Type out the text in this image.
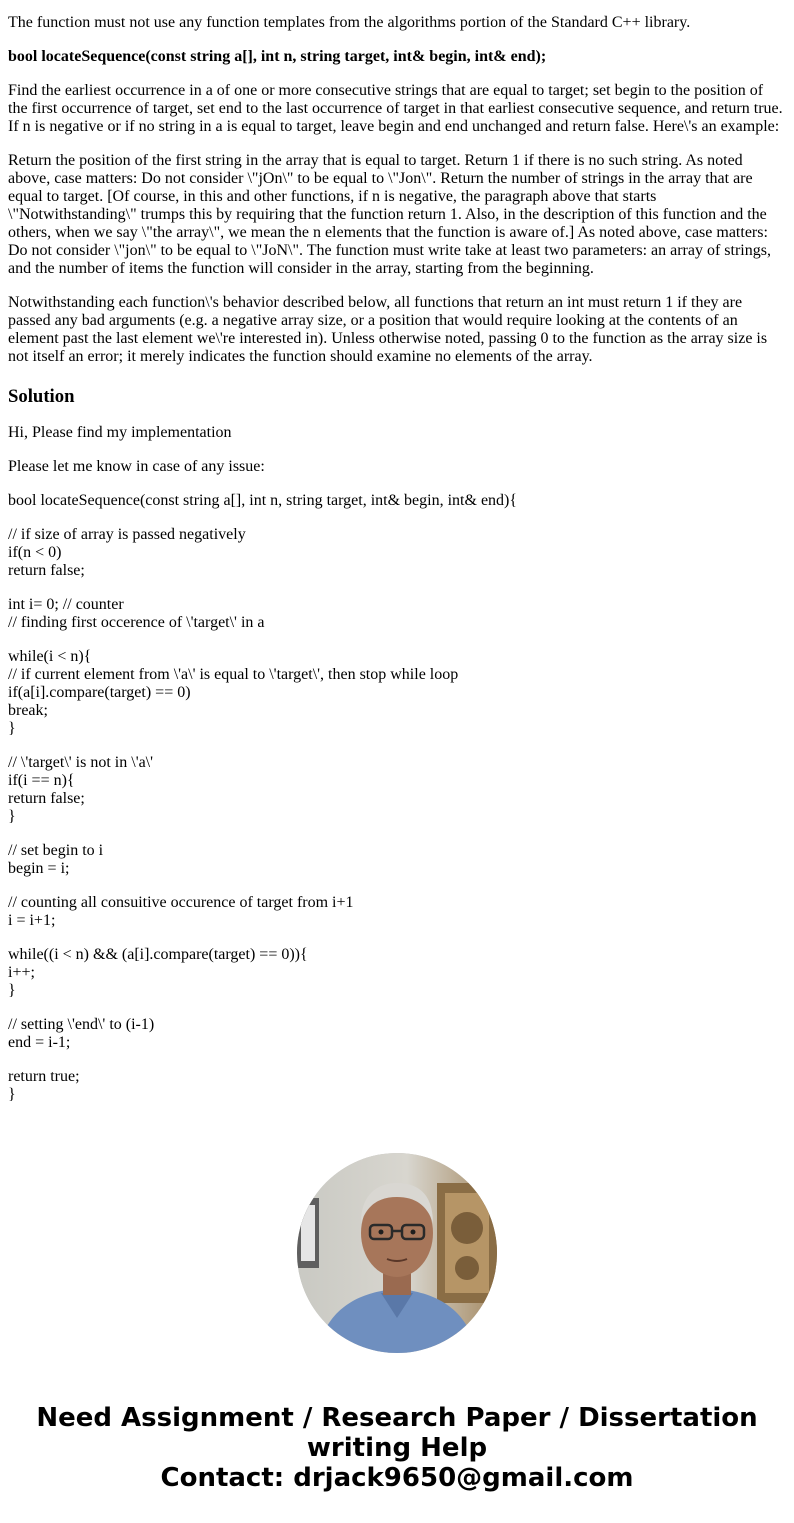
The function must not use any function templates from the algorithms portion of the Standard C++ library.

bool locateSequence(const string a[], int n, string target, int& begin, int& end);

Find the earliest occurrence in a of one or more consecutive strings that are equal to target; set begin to the position of the first occurrence of target, set end to the last occurrence of target in that earliest consecutive sequence, and return true. If n is negative or if no string in a is equal to target, leave begin and end unchanged and return false. Here\'s an example:

Return the position of the first string in the array that is equal to target. Return 1 if there is no such string. As noted above, case matters: Do not consider \"jOn\" to be equal to \"Jon\". Return the number of strings in the array that are equal to target. [Of course, in this and other functions, if n is negative, the paragraph above that starts \"Notwithstanding\" trumps this by requiring that the function return 1. Also, in the description of this function and the others, when we say \"the array\", we mean the n elements that the function is aware of.] As noted above, case matters: Do not consider \"jon\" to be equal to \"JoN\". The function must write take at least two parameters: an array of strings, and the number of items the function will consider in the array, starting from the beginning.

Notwithstanding each function\'s behavior described below, all functions that return an int must return 1 if they are passed any bad arguments (e.g. a negative array size, or a position that would require looking at the contents of an element past the last element we\'re interested in). Unless otherwise noted, passing 0 to the function as the array size is not itself an error; it merely indicates the function should examine no elements of the array.

Solution

Hi, Please find my implementation

Please let me know in case of any issue:

bool locateSequence(const string a[], int n, string target, int& begin, int& end){
// if size of array is passed negatively
if(n < 0)
return false;
int i= 0; // counter
// finding first occerence of \'target\' in a
while(i < n){
// if current element from \'a\' is equal to \'target\', then stop while loop
if(a[i].compare(target) == 0)
break;
}
// \'target\' is not in \'a\'
if(i == n){
return false;
}
// set begin to i
begin = i;
// counting all consuitive occurence of target from i+1
i = i+1;
while((i < n) && (a[i].compare(target) == 0)){
i++;
}
// setting \'end\' to (i-1)
end = i-1;
return true;
}
Need Assignment / Research Paper / Dissertation
writing Help
Contact: drjack9650@gmail.com
